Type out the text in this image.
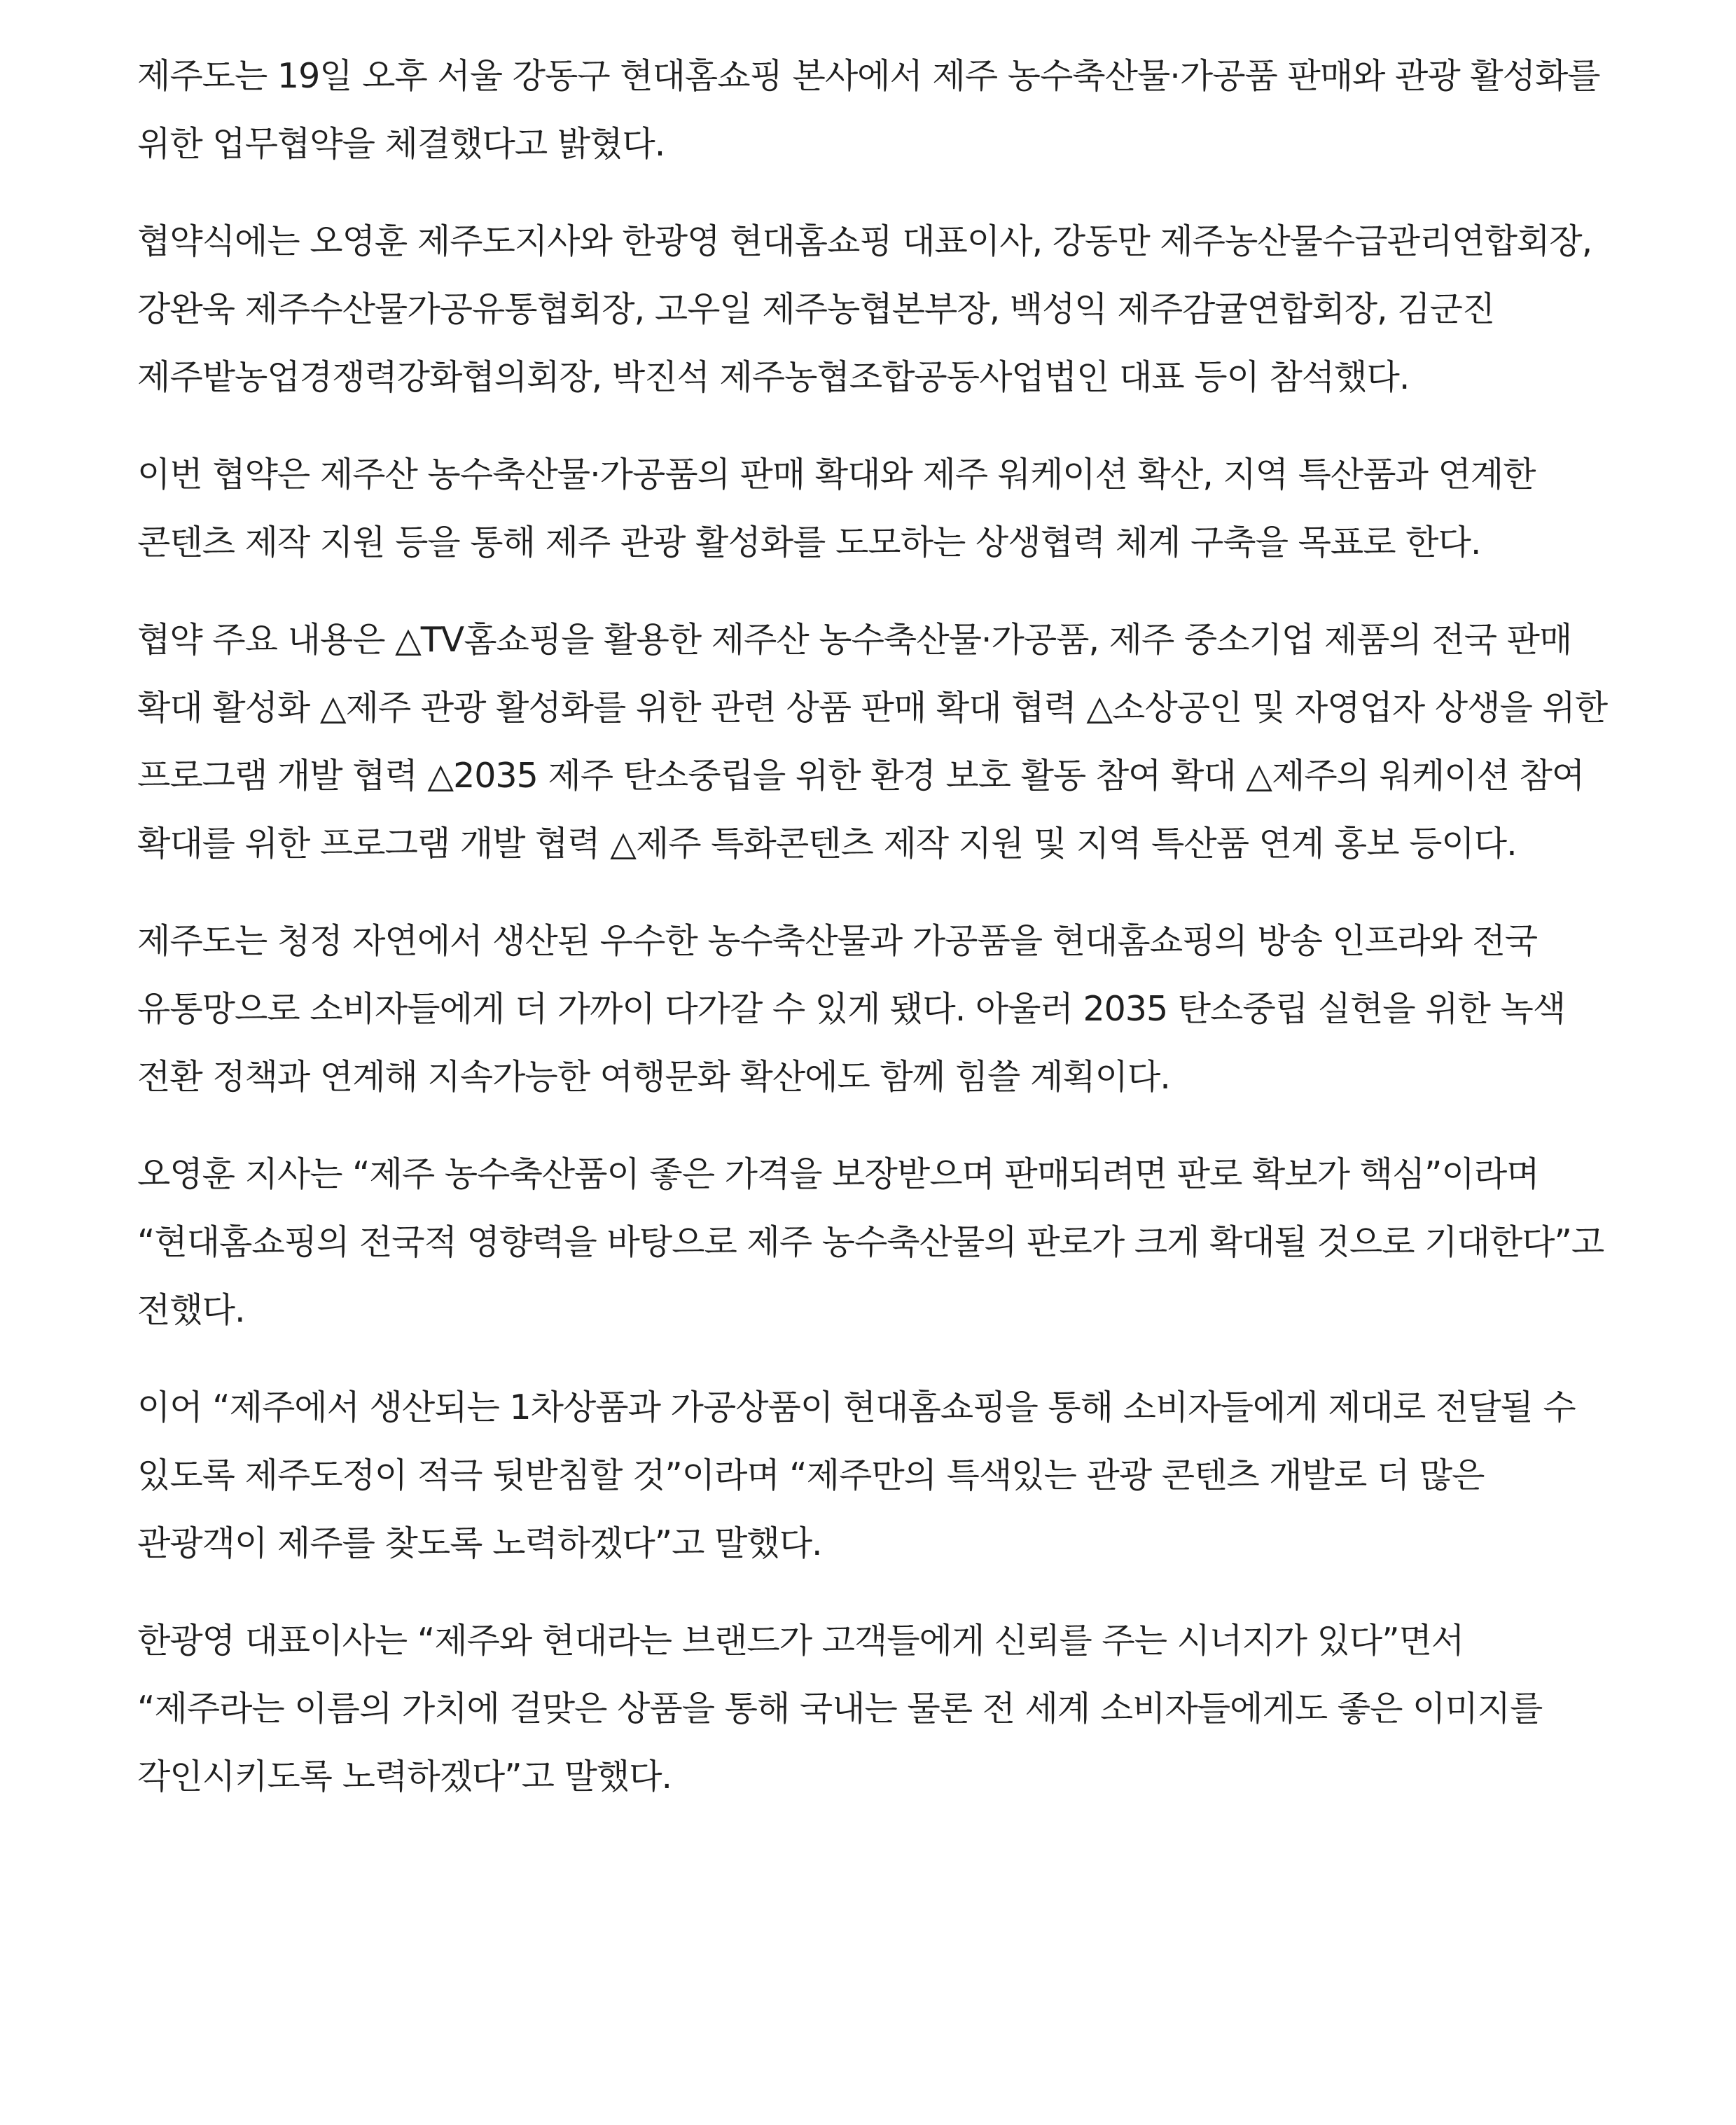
제주도는 19일 오후 서울 강동구 현대홈쇼핑 본사에서 제주 농수축산물·가공품 판매와 관광 활성화를 위한 업무협약을 체결했다고 밝혔다.

협약식에는 오영훈 제주도지사와 한광영 현대홈쇼핑 대표이사, 강동만 제주농산물수급관리연합회장, 강완욱 제주수산물가공유통협회장, 고우일 제주농협본부장, 백성익 제주감귤연합회장, 김군진 제주밭농업경쟁력강화협의회장, 박진석 제주농협조합공동사업법인 대표 등이 참석했다.

이번 협약은 제주산 농수축산물·가공품의 판매 확대와 제주 워케이션 확산, 지역 특산품과 연계한 콘텐츠 제작 지원 등을 통해 제주 관광 활성화를 도모하는 상생협력 체계 구축을 목표로 한다.

협약 주요 내용은 △TV홈쇼핑을 활용한 제주산 농수축산물·가공품, 제주 중소기업 제품의 전국 판매 확대 활성화 △제주 관광 활성화를 위한 관련 상품 판매 확대 협력 △소상공인 및 자영업자 상생을 위한 프로그램 개발 협력 △2035 제주 탄소중립을 위한 환경 보호 활동 참여 확대 △제주의 워케이션 참여 확대를 위한 프로그램 개발 협력 △제주 특화콘텐츠 제작 지원 및 지역 특산품 연계 홍보 등이다.

제주도는 청정 자연에서 생산된 우수한 농수축산물과 가공품을 현대홈쇼핑의 방송 인프라와 전국 유통망으로 소비자들에게 더 가까이 다가갈 수 있게 됐다. 아울러 2035 탄소중립 실현을 위한 녹색 전환 정책과 연계해 지속가능한 여행문화 확산에도 함께 힘쓸 계획이다.

오영훈 지사는 “제주 농수축산품이 좋은 가격을 보장받으며 판매되려면 판로 확보가 핵심”이라며 “현대홈쇼핑의 전국적 영향력을 바탕으로 제주 농수축산물의 판로가 크게 확대될 것으로 기대한다”고 전했다.

이어 “제주에서 생산되는 1차상품과 가공상품이 현대홈쇼핑을 통해 소비자들에게 제대로 전달될 수 있도록 제주도정이 적극 뒷받침할 것”이라며 “제주만의 특색있는 관광 콘텐츠 개발로 더 많은 관광객이 제주를 찾도록 노력하겠다”고 말했다.

한광영 대표이사는 “제주와 현대라는 브랜드가 고객들에게 신뢰를 주는 시너지가 있다”면서 “제주라는 이름의 가치에 걸맞은 상품을 통해 국내는 물론 전 세계 소비자들에게도 좋은 이미지를 각인시키도록 노력하겠다”고 말했다.
